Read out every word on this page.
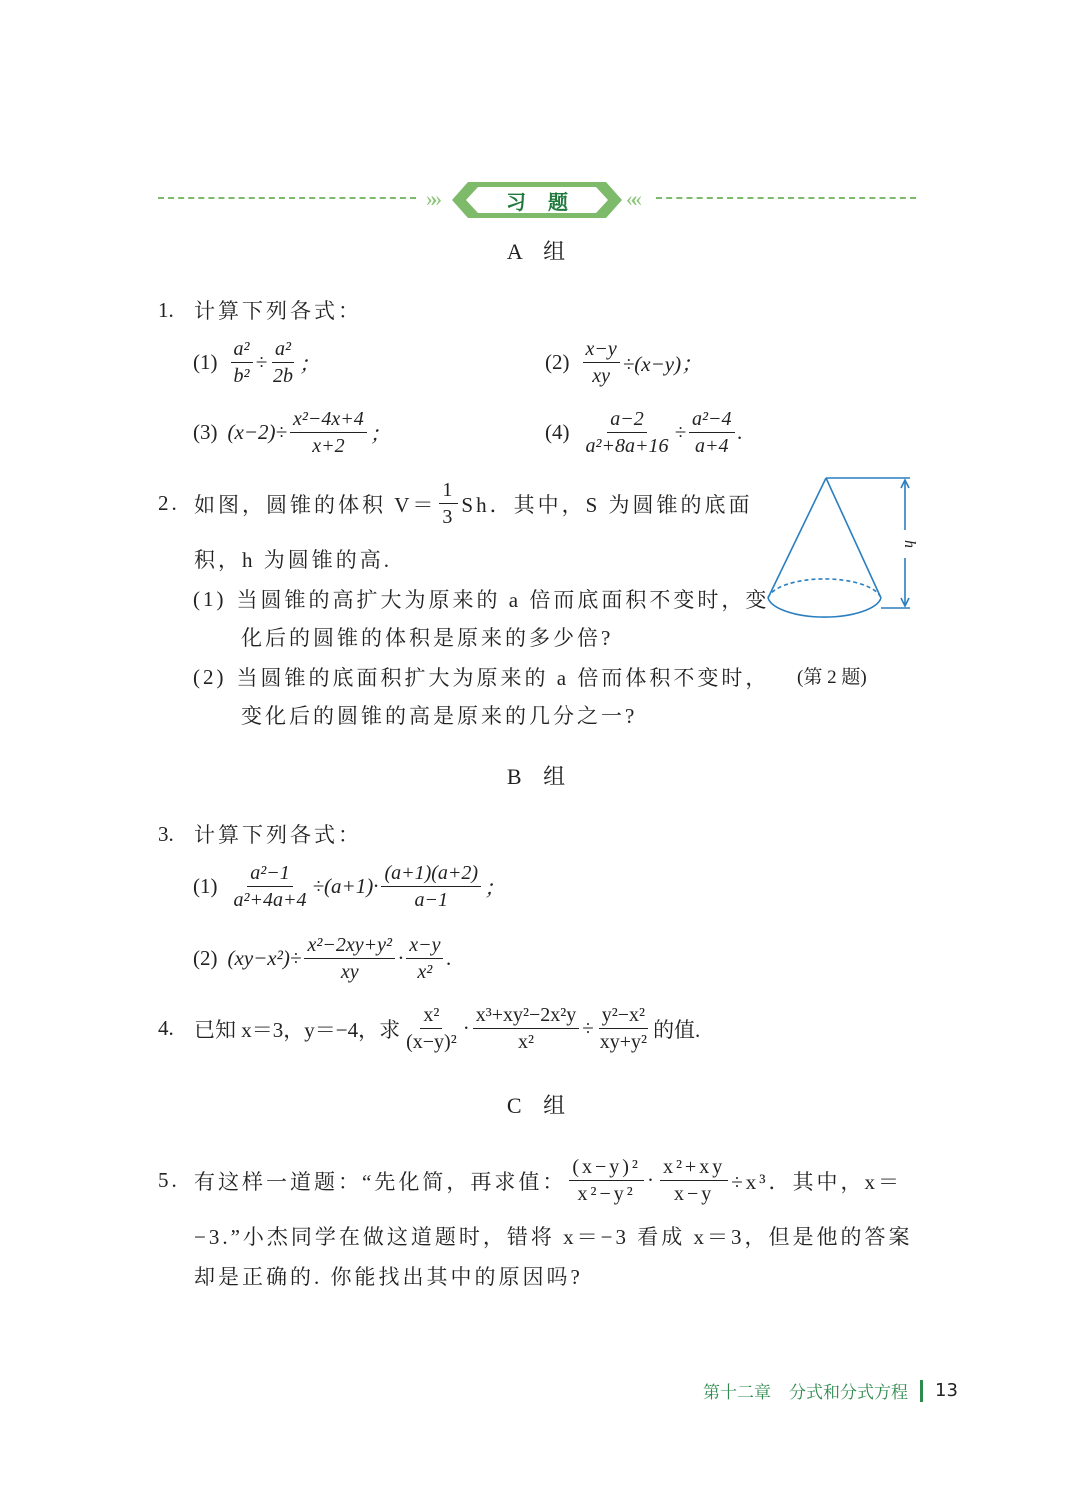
»»	习题	««
A 组
1. 计算下列各式：
$(1) \frac{\text{a²}}{\text{b²}} \div \frac{\text{a²}}{2b}$ ；	$(2) \frac{x-y}{xy} \div(x-y)$；
(3) $(x-2)\div \frac{\text{x²−4x+4}}{x+2}$ ；	$(4) \frac{a-2}{\text{a²+8a+16}} \div \frac{\text{a²−4}}{a+4}$ .
2. 如图，圆锥的体积 $V= \frac{1}{3}$ Sh．其中，S 为圆锥的底面
积，h 为圆锥的高.
(1) 当圆锥的高扩大为原来的 a 倍而底面积不变时，变
化后的圆锥的体积是原来的多少倍?
(2) 当圆锥的底面积扩大为原来的 a 倍而体积不变时，
变化后的圆锥的高是原来的几分之一?
h
(第 2 题)
B 组
3. 计算下列各式：
$(1) \frac{\text{a²−1}}{\text{a²+4a+4}} \div(a+1)\cdot \frac{(a+1)(a+2)}{a-1}$ ；
(2) $(xy-x^2)\div \frac{\text{x²−2xy+y²}}{xy} \cdot \frac{x-y}{\text{x²}}$ .
4. 已知 x＝3，y＝−4，求 $\frac{\text{x²}}{\text{(x−y)²}} \cdot \frac{\text{x³+xy²−2x²y}}{\text{x²}} \div \frac{\text{y²−x²}}{\text{xy+y²}}$ 的值.
C 组
5. 有这样一道题：“先化简，再求值： $\frac{\text{(x−y)²}}{\text{x²−y²}} \cdot \frac{\text{x²+xy}}{x-y} \div x^3$．其中，x＝
−3.”小杰同学在做这道题时，错将 x＝−3 看成 x＝3，但是他的答案
却是正确的. 你能找出其中的原因吗?
第十二章 分式和分式方程 13
